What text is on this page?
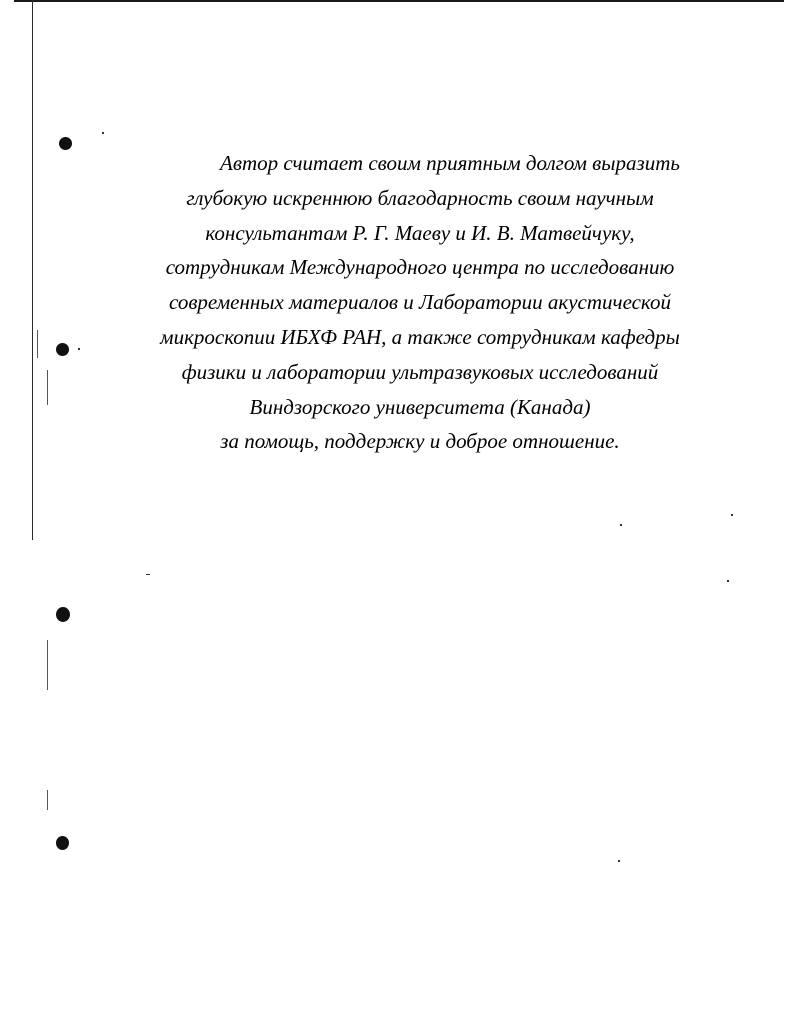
Автор считает своим приятным долгом выразить
глубокую искреннюю благодарность своим научным
консультантам Р. Г. Маеву и И. В. Матвейчуку,
сотрудникам Международного центра по исследованию
современных материалов и Лаборатории акустической
микроскопии ИБХФ РАН, а также сотрудникам кафедры
физики и лаборатории ультразвуковых исследований
Виндзорского университета (Канада)
за помощь, поддержку и доброе отношение.
